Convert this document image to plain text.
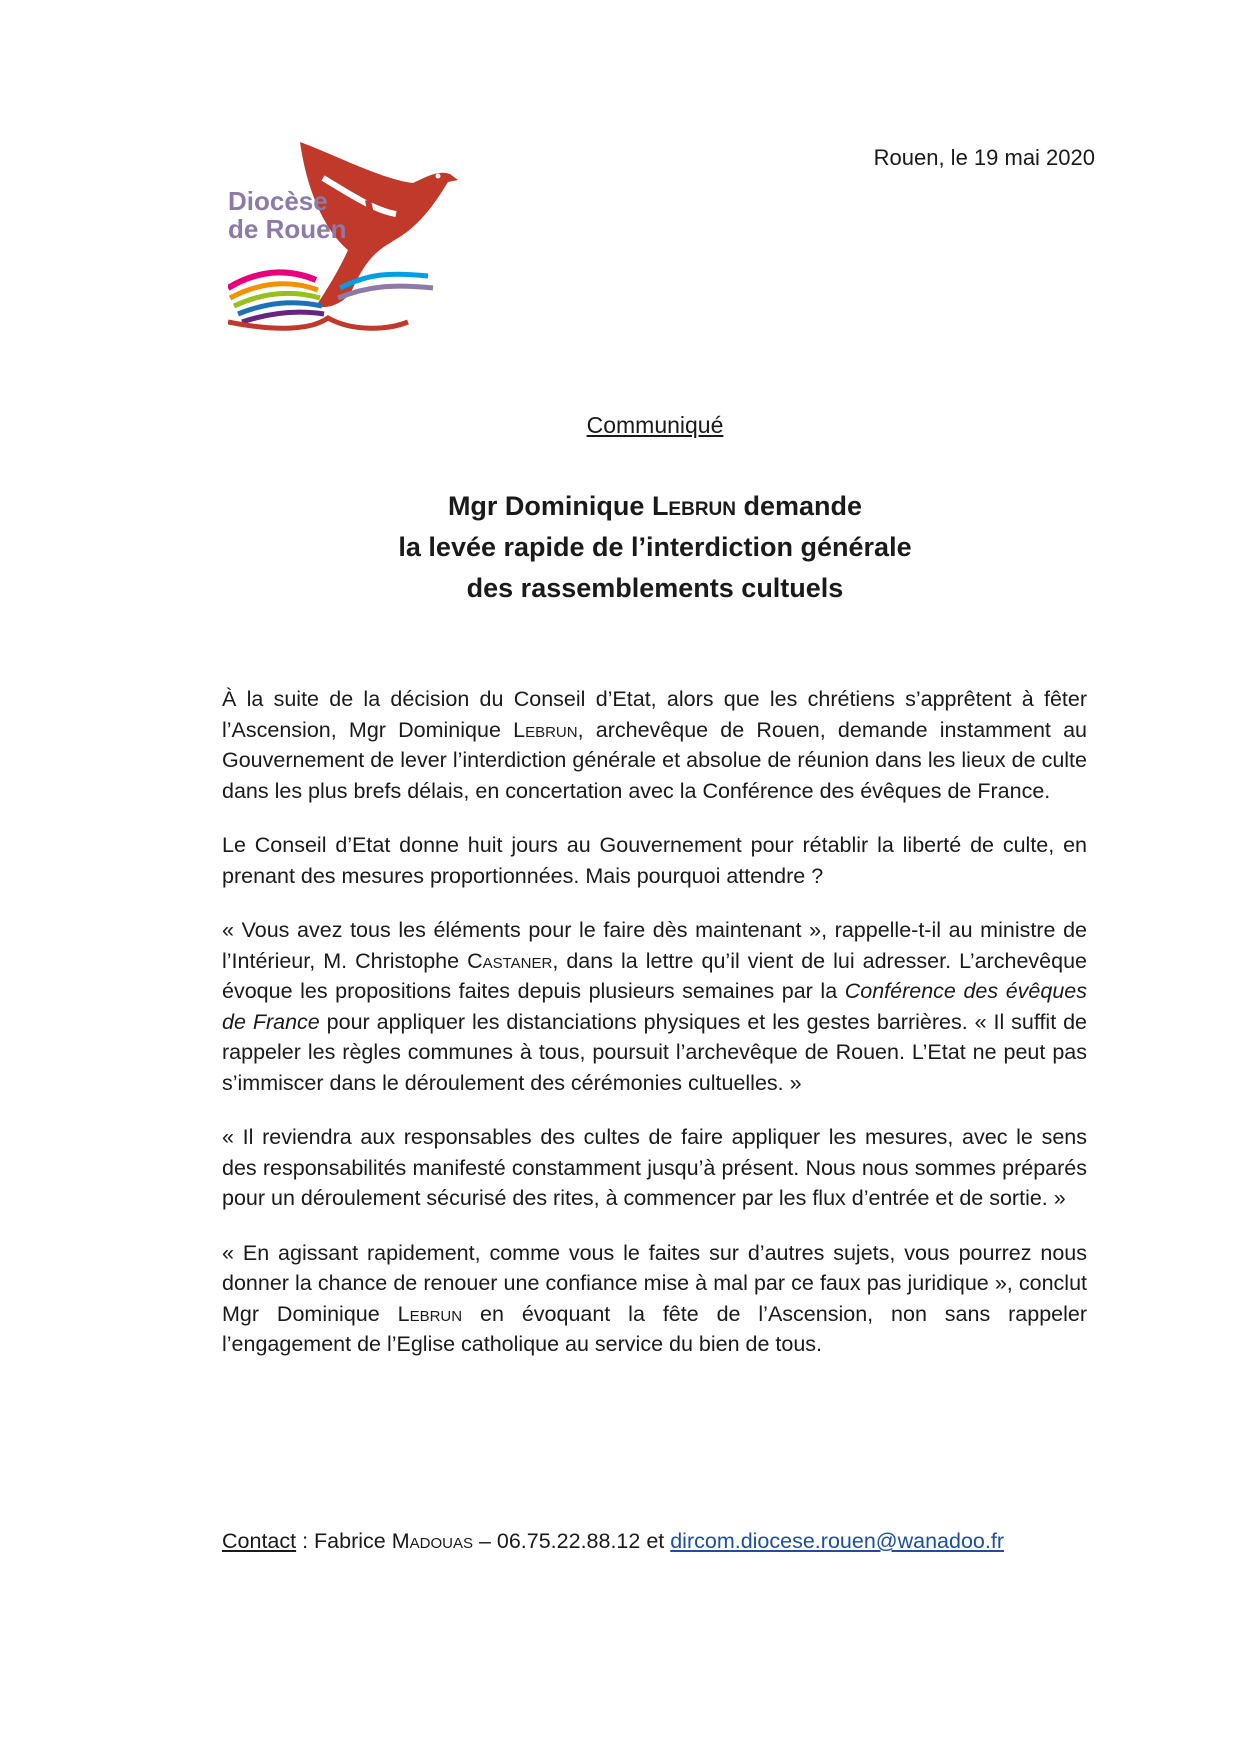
Diocèse
de Rouen
Rouen, le 19 mai 2020
Communiqué
Mgr Dominique Lebrun demande
la levée rapide de l’interdiction générale
des rassemblements cultuels

À la suite de la décision du Conseil d’Etat, alors que les chrétiens s’apprêtent à fêter l’Ascension, Mgr Dominique Lebrun, archevêque de Rouen, demande instamment au Gouvernement de lever l’interdiction générale et absolue de réunion dans les lieux de culte dans les plus brefs délais, en concertation avec la Conférence des évêques de France.

Le Conseil d’Etat donne huit jours au Gouvernement pour rétablir la liberté de culte, en prenant des mesures proportionnées. Mais pourquoi attendre ?

« Vous avez tous les éléments pour le faire dès maintenant », rappelle-t-il au ministre de l’Intérieur, M. Christophe Castaner, dans la lettre qu’il vient de lui adresser. L’archevêque évoque les propositions faites depuis plusieurs semaines par la Conférence des évêques de France pour appliquer les distanciations physiques et les gestes barrières. « Il suffit de rappeler les règles communes à tous, poursuit l’archevêque de Rouen. L’Etat ne peut pas s’immiscer dans le déroulement des cérémonies cultuelles. »

« Il reviendra aux responsables des cultes de faire appliquer les mesures, avec le sens des responsabilités manifesté constamment jusqu’à présent. Nous nous sommes préparés pour un déroulement sécurisé des rites, à commencer par les flux d’entrée et de sortie. »

« En agissant rapidement, comme vous le faites sur d’autres sujets, vous pourrez nous donner la chance de renouer une confiance mise à mal par ce faux pas juridique », conclut Mgr Dominique Lebrun en évoquant la fête de l’Ascension, non sans rappeler l’engagement de l’Eglise catholique au service du bien de tous.

Contact : Fabrice Madouas – 06.75.22.88.12 et dircom.diocese.rouen@wanadoo.fr
